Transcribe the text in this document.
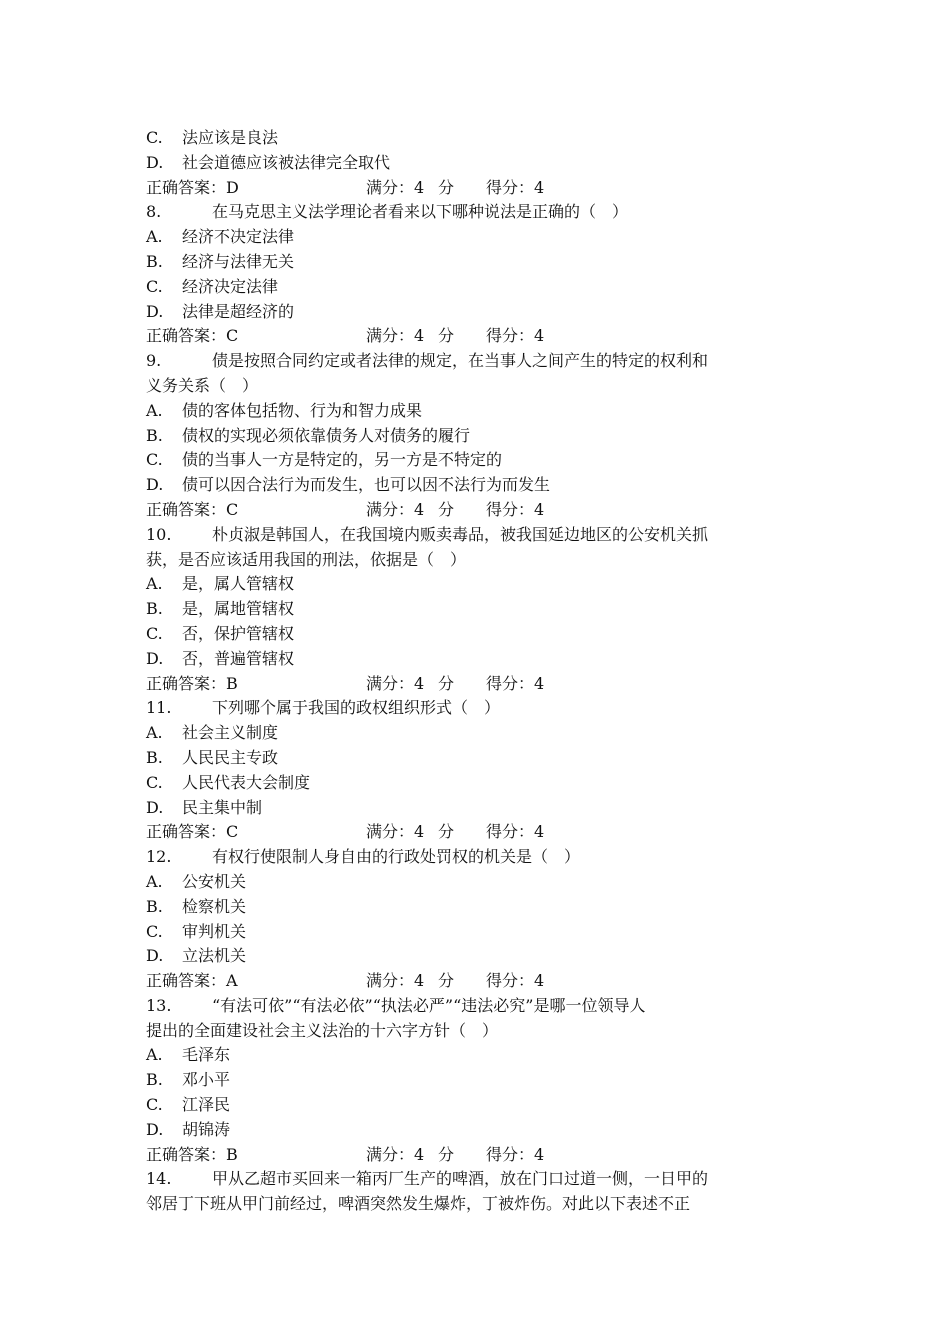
C. 法应该是良法
D. 社会道德应该被法律完全取代
正确答案：D	满分：4 分 得分：4
8.	在马克思主义法学理论者看来以下哪种说法是正确的（　）
A. 经济不决定法律
B. 经济与法律无关
C. 经济决定法律
D. 法律是超经济的
正确答案：C	满分：4 分 得分：4
9.	债是按照合同约定或者法律的规定，在当事人之间产生的特定的权利和
义务关系（　）
A. 债的客体包括物、行为和智力成果
B. 债权的实现必须依靠债务人对债务的履行
C. 债的当事人一方是特定的，另一方是不特定的
D. 债可以因合法行为而发生，也可以因不法行为而发生
正确答案：C	满分：4 分 得分：4
10.	朴贞淑是韩国人，在我国境内贩卖毒品，被我国延边地区的公安机关抓
获，是否应该适用我国的刑法，依据是（　）
A. 是，属人管辖权
B. 是，属地管辖权
C. 否，保护管辖权
D. 否，普遍管辖权
正确答案：B	满分：4 分 得分：4
11.	下列哪个属于我国的政权组织形式（　）
A. 社会主义制度
B. 人民民主专政
C. 人民代表大会制度
D. 民主集中制
正确答案：C	满分：4 分 得分：4
12.	有权行使限制人身自由的行政处罚权的机关是（　）
A. 公安机关
B. 检察机关
C. 审判机关
D. 立法机关
正确答案：A	满分：4 分 得分：4
13.	“有法可依”“有法必依”“执法必严”“违法必究”是哪一位领导人
提出的全面建设社会主义法治的十六字方针（　）
A. 毛泽东
B. 邓小平
C. 江泽民
D. 胡锦涛
正确答案：B	满分：4 分 得分：4
14.	甲从乙超市买回来一箱丙厂生产的啤酒，放在门口过道一侧，一日甲的
邻居丁下班从甲门前经过，啤酒突然发生爆炸，丁被炸伤。对此以下表述不正
